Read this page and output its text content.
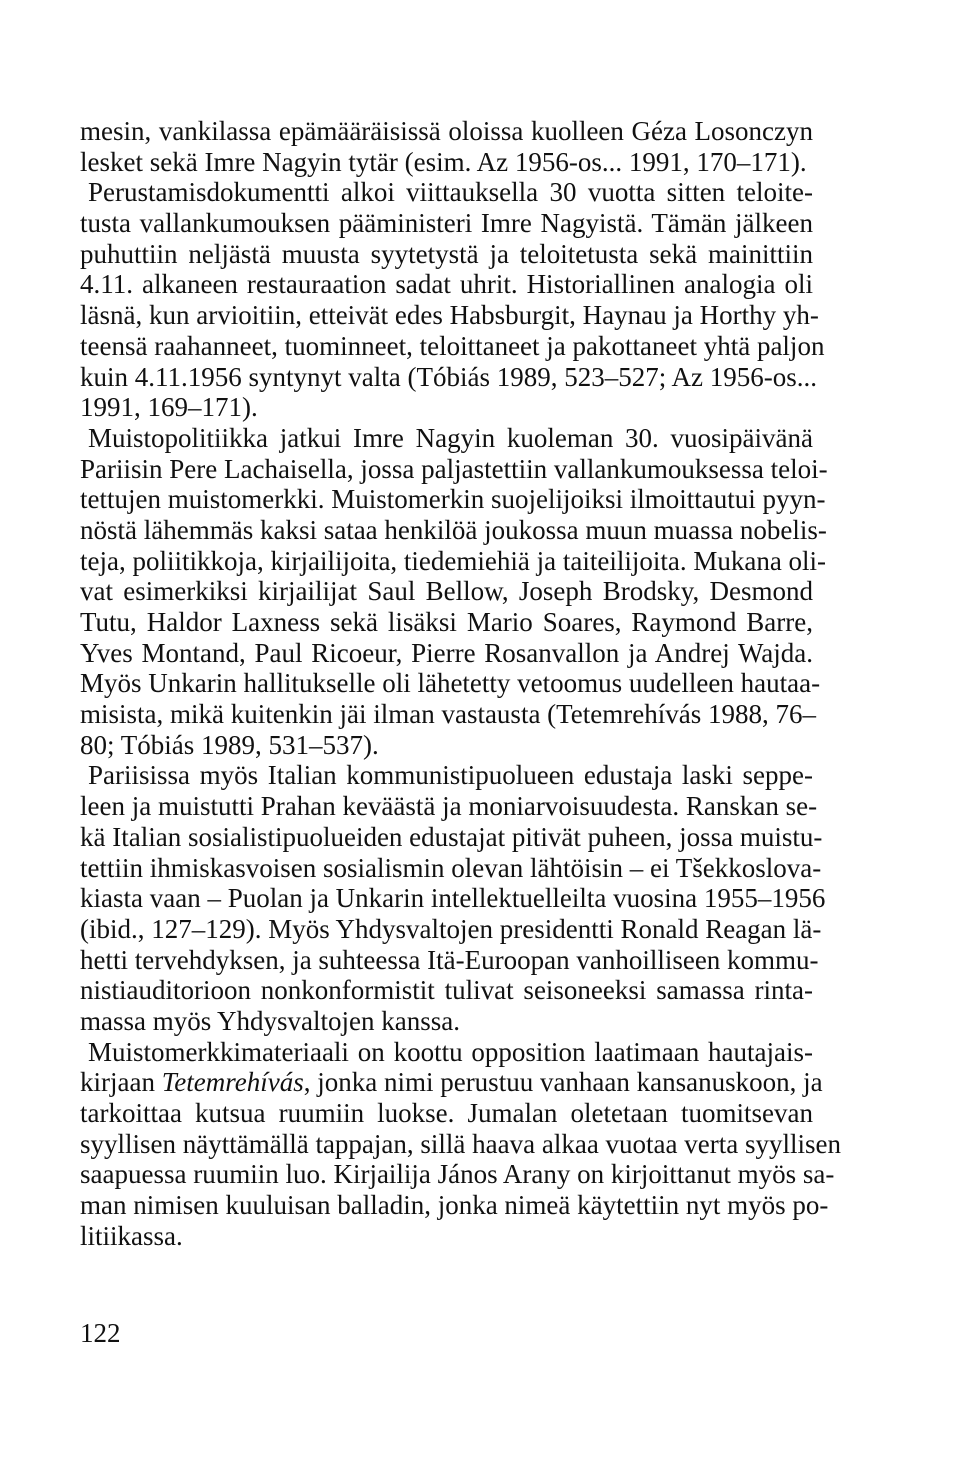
mesin, vankilassa epämääräisissä oloissa kuolleen Géza Losonczyn
lesket sekä Imre Nagyin tytär (esim. Az 1956-os... 1991, 170–171).
Perustamisdokumentti alkoi viittauksella 30 vuotta sitten teloite-
tusta vallankumouksen pääministeri Imre Nagyistä. Tämän jälkeen
puhuttiin neljästä muusta syytetystä ja teloitetusta sekä mainittiin
4.11. alkaneen restauraation sadat uhrit. Historiallinen analogia oli
läsnä, kun arvioitiin, etteivät edes Habsburgit, Haynau ja Horthy yh-
teensä raahanneet, tuominneet, teloittaneet ja pakottaneet yhtä paljon
kuin 4.11.1956 syntynyt valta (Tóbiás 1989, 523–527; Az 1956-os...
1991, 169–171).
Muistopolitiikka jatkui Imre Nagyin kuoleman 30. vuosipäivänä
Pariisin Pere Lachaisella, jossa paljastettiin vallankumouksessa teloi-
tettujen muistomerkki. Muistomerkin suojelijoiksi ilmoittautui pyyn-
nöstä lähemmäs kaksi sataa henkilöä joukossa muun muassa nobelis-
teja, poliitikkoja, kirjailijoita, tiedemiehiä ja taiteilijoita. Mukana oli-
vat esimerkiksi kirjailijat Saul Bellow, Joseph Brodsky, Desmond
Tutu, Haldor Laxness sekä lisäksi Mario Soares, Raymond Barre,
Yves Montand, Paul Ricoeur, Pierre Rosanvallon ja Andrej Wajda.
Myös Unkarin hallitukselle oli lähetetty vetoomus uudelleen hautaa-
misista, mikä kuitenkin jäi ilman vastausta (Tetemrehívás 1988, 76–
80; Tóbiás 1989, 531–537).
Pariisissa myös Italian kommunistipuolueen edustaja laski seppe-
leen ja muistutti Prahan keväästä ja moniarvoisuudesta. Ranskan se-
kä Italian sosialistipuolueiden edustajat pitivät puheen, jossa muistu-
tettiin ihmiskasvoisen sosialismin olevan lähtöisin – ei Tšekkoslova-
kiasta vaan – Puolan ja Unkarin intellektuelleilta vuosina 1955–1956
(ibid., 127–129). Myös Yhdysvaltojen presidentti Ronald Reagan lä-
hetti tervehdyksen, ja suhteessa Itä-Euroopan vanhoilliseen kommu-
nistiauditorioon nonkonformistit tulivat seisoneeksi samassa rinta-
massa myös Yhdysvaltojen kanssa.
Muistomerkkimateriaali on koottu opposition laatimaan hautajais-
kirjaan Tetemrehívás, jonka nimi perustuu vanhaan kansanuskoon, ja
tarkoittaa kutsua ruumiin luokse. Jumalan oletetaan tuomitsevan
syyllisen näyttämällä tappajan, sillä haava alkaa vuotaa verta syyllisen
saapuessa ruumiin luo. Kirjailija János Arany on kirjoittanut myös sa-
man nimisen kuuluisan balladin, jonka nimeä käytettiin nyt myös po-
litiikassa.
122
